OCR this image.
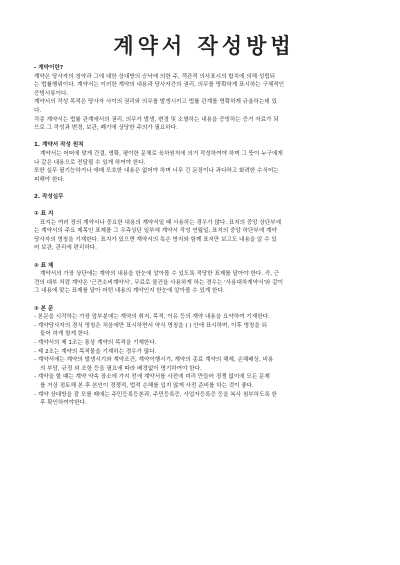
계약서 작성방법
- 계약이란?
계약은 당사자의 청약과 그에 대한 상대방의 승낙에 의한 주, 객관적 의사표시의 합치에 의해 성립되
는 법률행위이다. 계약서는 이러한 계약의 내용과 당사자간의 권리, 의무를 명확하게 표시하는 구체적인
증빙서류이다.
계약서의 작성 목적은 당사자 사이의 권리와 의무를 발생시키고 법률 관계를 명확하게 규율하는데 있
다.
각종 계약서는 법률 관계에서의 권리, 의무가 발생, 변경 및 소멸하는 내용을 증빙하는 증거 자료가 되
므로 그 작성과 변경, 보관, 폐기에 상당한 주의가 필요하다.
1. 계약서 작성 원칙
계약서는 어떠에 맞게 간결, 명확, 평이한 문체로 육하원칙에 의거 작성하여야 하며 그 뜻이 누구에게
나 같은 내용으로 전달될 수 있게 하여야 한다.
또한 실무 필기능하거나 애매 모호한 내용은 없어야 하며 너무 긴 문장이나 과다하고 화려한 수식어는
피해야 한다.
2. 작성실무
① 표 지
표지는 여러 장의 계약서나 중요한 내용의 계약서일 때 사용하는 경우가 많다. 표지의 중앙 상단부에
는 계약서의 주요 제목인 표제를 그 우측상단 일부에 계약서 작성 연월일, 표지의 중앙 하단부에 계약
당사자의 명칭을 기재한다. 표지가 있으면 계약서의 특손 방지와 함께 표지만 보고도 내용을 알 수 있
어 보관, 관리에 편리하다.
② 표 제
계약서의 가장 상단에는 계약의 내용을 한눈에 알아볼 수 있도록 적당한 표제를 달아야 한다. 즉, 근
견의 대부 처럼 계약은 '근견소비계약서', 무료로 물건을 사용하게 하는 경우는 '사용대차계약서'와 같이
그 내용에 맞는 표제를 달아 어떤 내용의 계약인지 한눈에 알아볼 수 있게 한다.
③ 본 문
- 본문을 시작하는 가장 앞부분에는 계약의 취지, 목적, 이유 등의 계약 내용을 요약하여 기재한다.
- 계약당사자의 경식 명칭은 처음에만 표시하면서 약식 명칭을 ( ) 안에 표시하며, 이후 명칭을 되
둘어 하게 함게 한다.
- 계약서의 제 1조는 통상 계약의 목적을 기재한다.
- 제 2조는 계약의 목적물을 기재하는 경우가 많다.
- 계약서에는 계약의 발생시기와 계약조건, 계약이행시기, 계약의 종료 계약의 해제, 손해배상, 비용
의 부담, 규정 외 조항 등을 필요에 따라 배경없이 명기하여야 한다.
- 계약을 할 때는 계약 약속 장소에 가지 전에 계약서를 사전에 미리 만들어 경쟁 없이에 모든 문제
를 거상 점토해 본 후 본인이 경쟁적, 법적 손해를 입지 않게 사전 준비를 하는 것이 좋다.
- 계약 상대방을 잘 모를 때에는 주민등록등본과, 주민등록증, 사업자등록증 등을 복사 첨부하도록 한
후 확인하여야한다.
